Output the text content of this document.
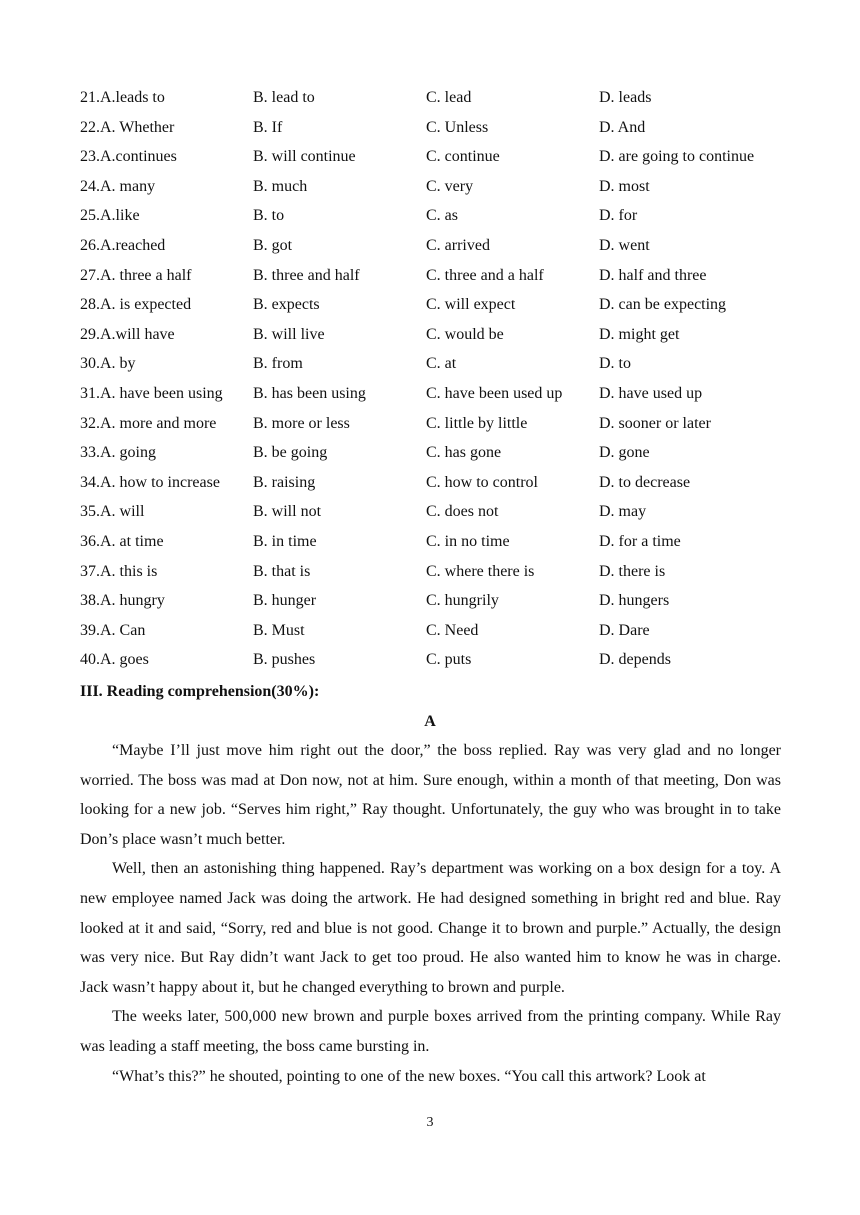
21.A.leads to	B. lead to	C. lead	D. leads
22.A. Whether	B. If	C. Unless	D. And
23.A.continues	B. will continue	C. continue	D. are going to continue
24.A. many	B. much	C. very	D. most
25.A.like	B. to	C. as	D. for
26.A.reached	B. got	C. arrived	D. went
27.A. three a half	B. three and half	C. three and a half	D. half and three
28.A. is expected	B. expects	C. will expect	D. can be expecting
29.A.will have	B. will live	C. would be	D. might get
30.A. by	B. from	C. at	D. to
31.A. have been using B. has been using	C. have been used up D. have used up
32.A. more and more B. more or less	C. little by little	D. sooner or later
33.A. going	B. be going	C. has gone	D. gone
34.A. how to increase B. raising	C. how to control	D. to decrease
35.A. will	B. will not	C. does not	D. may
36.A. at time	B. in time	C. in no time	D. for a time
37.A. this is	B. that is	C. where there is	D. there is
38.A. hungry	B. hunger	C. hungrily	D. hungers
39.A. Can	B. Must	C. Need	D. Dare
40.A. goes	B. pushes	C. puts	D. depends
III. Reading comprehension(30%):
A

“Maybe I’ll just move him right out the door,” the boss replied. Ray was very glad and no longer worried. The boss was mad at Don now, not at him. Sure enough, within a month of that meeting, Don was looking for a new job. “Serves him right,” Ray thought. Unfortunately, the guy who was brought in to take Don’s place wasn’t much better.

Well, then an astonishing thing happened. Ray’s department was working on a box design for a toy. A new employee named Jack was doing the artwork. He had designed something in bright red and blue. Ray looked at it and said, “Sorry, red and blue is not good. Change it to brown and purple.” Actually, the design was very nice. But Ray didn’t want Jack to get too proud. He also wanted him to know he was in charge. Jack wasn’t happy about it, but he changed everything to brown and purple.

The weeks later, 500,000 new brown and purple boxes arrived from the printing company. While Ray was leading a staff meeting, the boss came bursting in.

“What’s this?” he shouted, pointing to one of the new boxes. “You call this artwork? Look at

3
